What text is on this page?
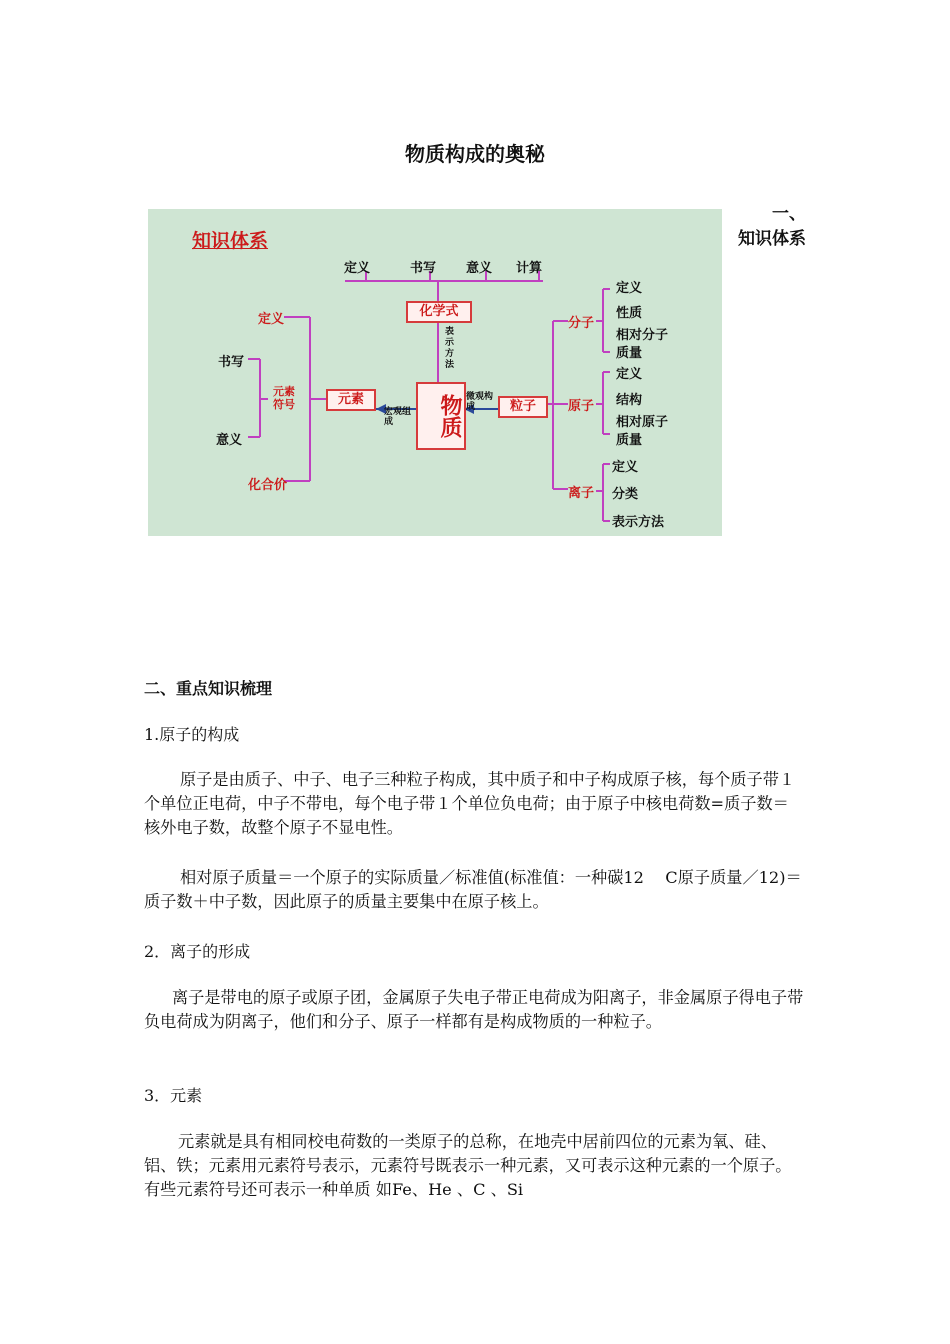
物质构成的奥秘
一、
知识体系
知识体系
定义	书写 意义 计算
化学式
表示方法
定义
书写
意义
元素符号
化合价
元素
宏观组成	物质 微观构成	粒子
分子
定义
性质
相对分子质量
原子
定义
结构
相对原子质量
离子
定义
分类
表示方法
二、重点知识梳理
1.原子的构成
原子是由质子、中子、电子三种粒子构成，其中质子和中子构成原子核，每个质子带１个单位正电荷，中子不带电，每个电子带１个单位负电荷；由于原子中核电荷数=质子数＝核外电子数，故整个原子不显电性。
相对原子质量＝一个原子的实际质量／标准值(标准值：一种碳12　 C原子质量／12)＝质子数＋中子数，因此原子的质量主要集中在原子核上。
2．离子的形成
离子是带电的原子或原子团，金属原子失电子带正电荷成为阳离子，非金属原子得电子带负电荷成为阴离子，他们和分子、原子一样都有是构成物质的一种粒子。
3．元素
元素就是具有相同校电荷数的一类原子的总称，在地壳中居前四位的元素为氧、硅、铝、铁；元素用元素符号表示，元素符号既表示一种元素，又可表示这种元素的一个原子。有些元素符号还可表示一种单质 如Fe、He 、C 、Si
